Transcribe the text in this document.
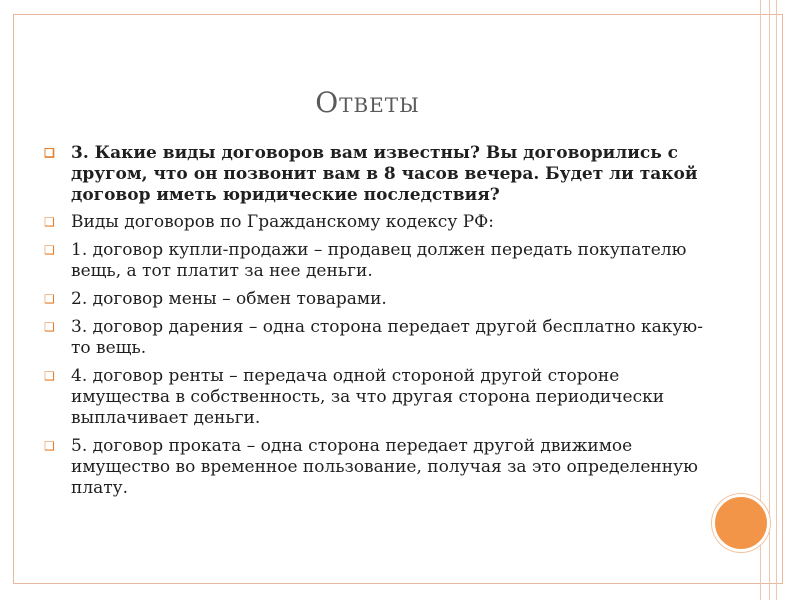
Ответы
❑ 3. Какие виды договоров вам известны? Вы договорились с другом, что он позвонит вам в 8 часов вечера. Будет ли такой договор иметь юридические последствия?
❑ Виды договоров по Гражданскому кодексу РФ:
❑ 1. договор купли-продажи – продавец должен передать покупателю вещь, а тот платит за нее деньги.
❑ 2. договор мены – обмен товарами.
❑ 3. договор дарения – одна сторона передает другой бесплатно какую-то вещь.
❑ 4. договор ренты – передача одной стороной другой стороне имущества в собственность, за что другая сторона периодически выплачивает деньги.
❑ 5. договор проката – одна сторона передает другой движимое имущество во временное пользование, получая за это определенную плату.
